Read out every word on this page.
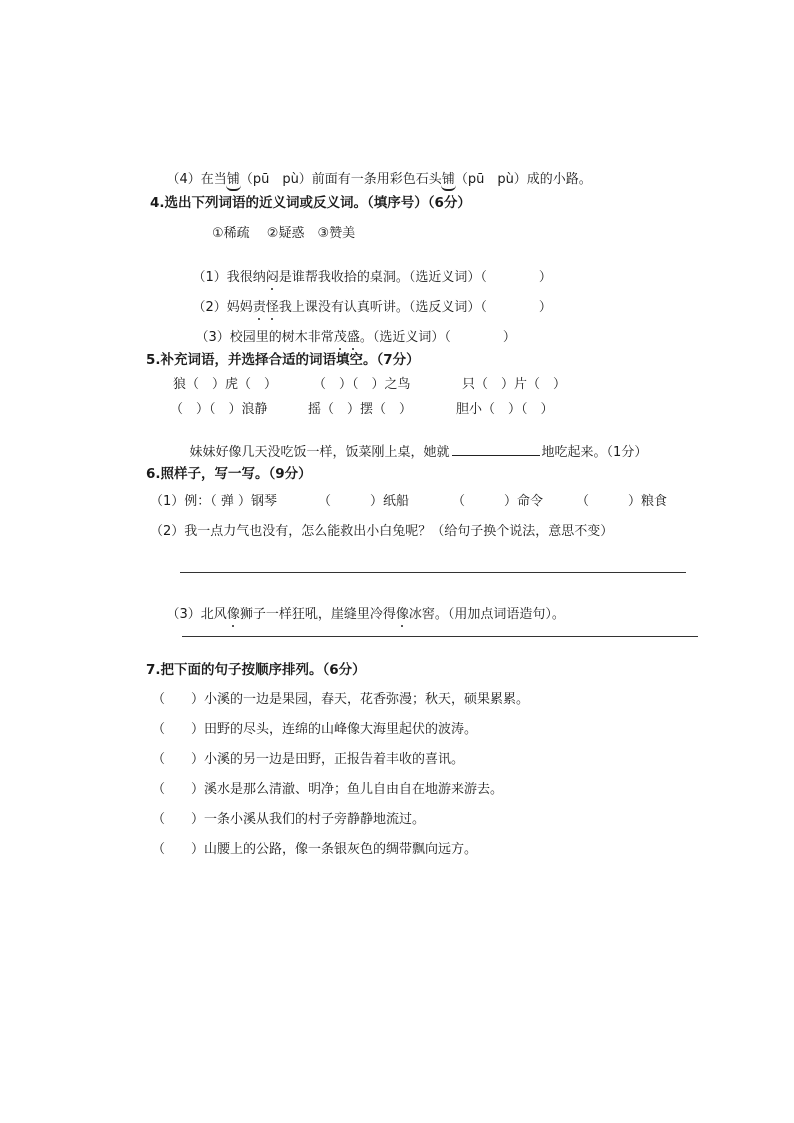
（4）在当铺（pū　pù）前面有一条用彩色石头铺（pū　pù）成的小路。

4.选出下列词语的近义词或反义词。（填序号）（6分）
①稀疏　 ②疑惑　③赞美

（1）我很纳闷是谁帮我收拾的桌洞。（选近义词）（　　　　）

（2）妈妈责怪我上课没有认真听讲。（选反义词）（　　　　）

（3）校园里的树木非常茂盛。（选近义词）（　　　　）

5.补充词语，并选择合适的词语填空。（7分）
狼（　）虎（　）	（　）（　）之鸟	只（　）片（　）
（　）（　）浪静	摇（　）摆（　）	胆小（　）（　）

妹妹好像几天没吃饭一样，饭菜刚上桌，她就	地吃起来。（1分）

6.照样子，写一写。（9分）
（1）例：（ 弹 ）钢琴	（　　　）纸船	（　　　）命令	（　　　）粮食
（2）我一点力气也没有，怎么能救出小白兔呢？（给句子换个说法，意思不变）

（3）北风像狮子一样狂吼，崖缝里冷得像冰窖。（用加点词语造句）。

7.把下面的句子按顺序排列。（6分）
（　　）小溪的一边是果园，春天，花香弥漫；秋天，硕果累累。
（　　）田野的尽头，连绵的山峰像大海里起伏的波涛。
（　　）小溪的另一边是田野，正报告着丰收的喜讯。
（　　）溪水是那么清澈、明净；鱼儿自由自在地游来游去。
（　　）一条小溪从我们的村子旁静静地流过。
（　　）山腰上的公路，像一条银灰色的绸带飘向远方。
